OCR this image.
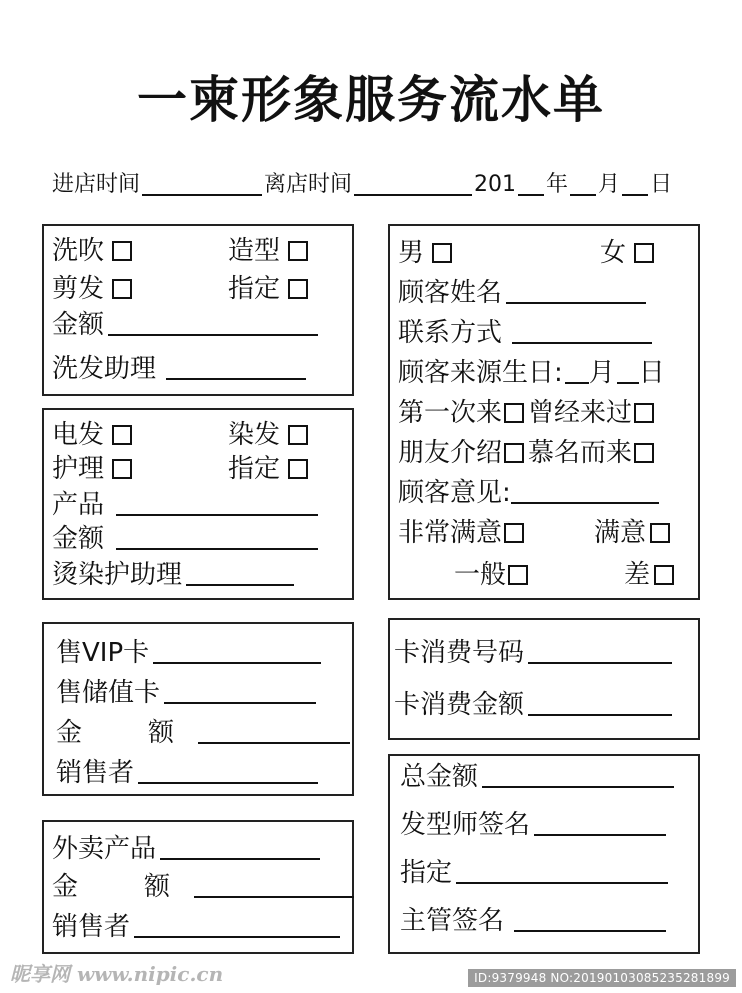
一柬形象服务流水单
进店时间	离店时间	201 年 月 日
洗吹	造型
剪发	指定
金额
洗发助理
电发	染发
护理	指定
产品
金额
烫染护助理
售VIP卡
售储值卡
金　额
销售者
外卖产品
金　额
销售者
男	女
顾客姓名
联系方式
顾客来源生日: 月 日
第一次来 曾经来过
朋友介绍 慕名而来
顾客意见:
非常满意	满意
一般	差
卡消费号码
卡消费金额
总金额
发型师签名
指定
主管签名
昵享网 www.nipic.cn	ID:9379948 NO:20190103085235281899
